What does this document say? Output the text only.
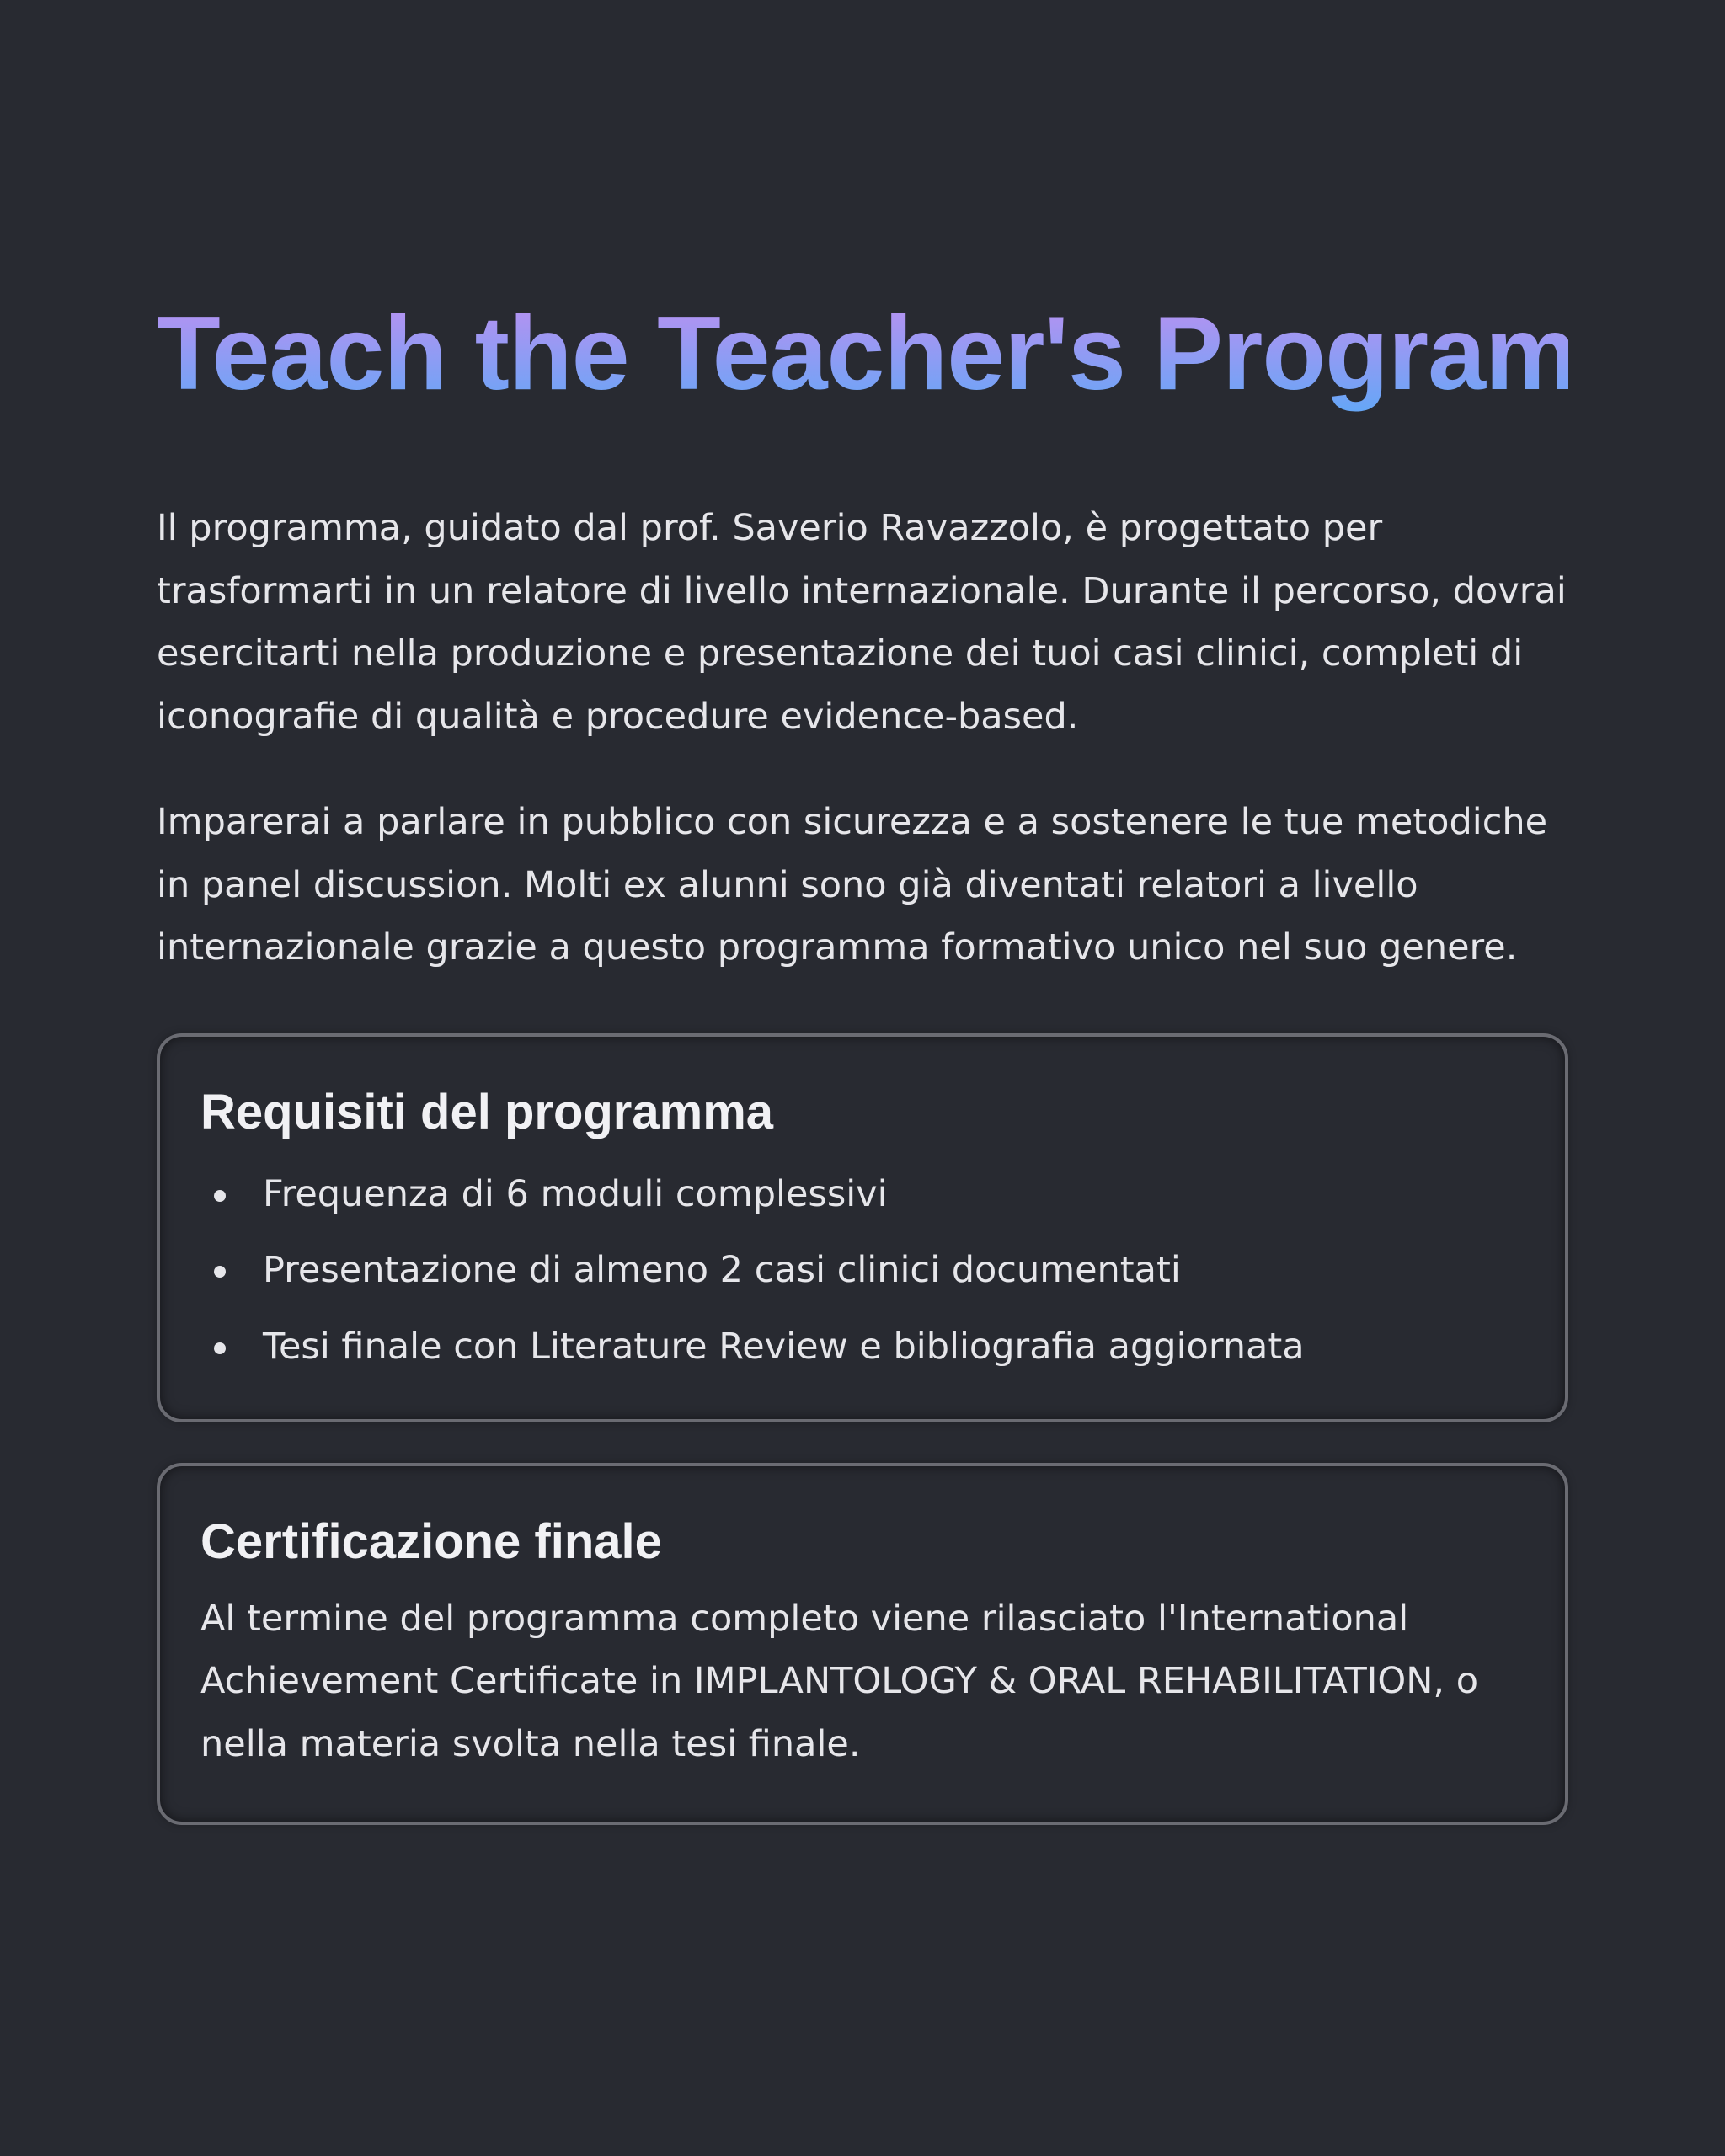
Teach the Teacher's Program

Il programma, guidato dal prof. Saverio Ravazzolo, è progettato per trasformarti in un relatore di livello internazionale. Durante il percorso, dovrai esercitarti nella produzione e presentazione dei tuoi casi clinici, completi di iconografie di qualità e procedure evidence-based.

Imparerai a parlare in pubblico con sicurezza e a sostenere le tue metodiche in panel discussion. Molti ex alunni sono già diventati relatori a livello internazionale grazie a questo programma formativo unico nel suo genere.

Requisiti del programma
Frequenza di 6 moduli complessivi
Presentazione di almeno 2 casi clinici documentati
Tesi finale con Literature Review e bibliografia aggiornata
Certificazione finale

Al termine del programma completo viene rilasciato l'International Achievement Certificate in IMPLANTOLOGY & ORAL REHABILITATION, o nella materia svolta nella tesi finale.
